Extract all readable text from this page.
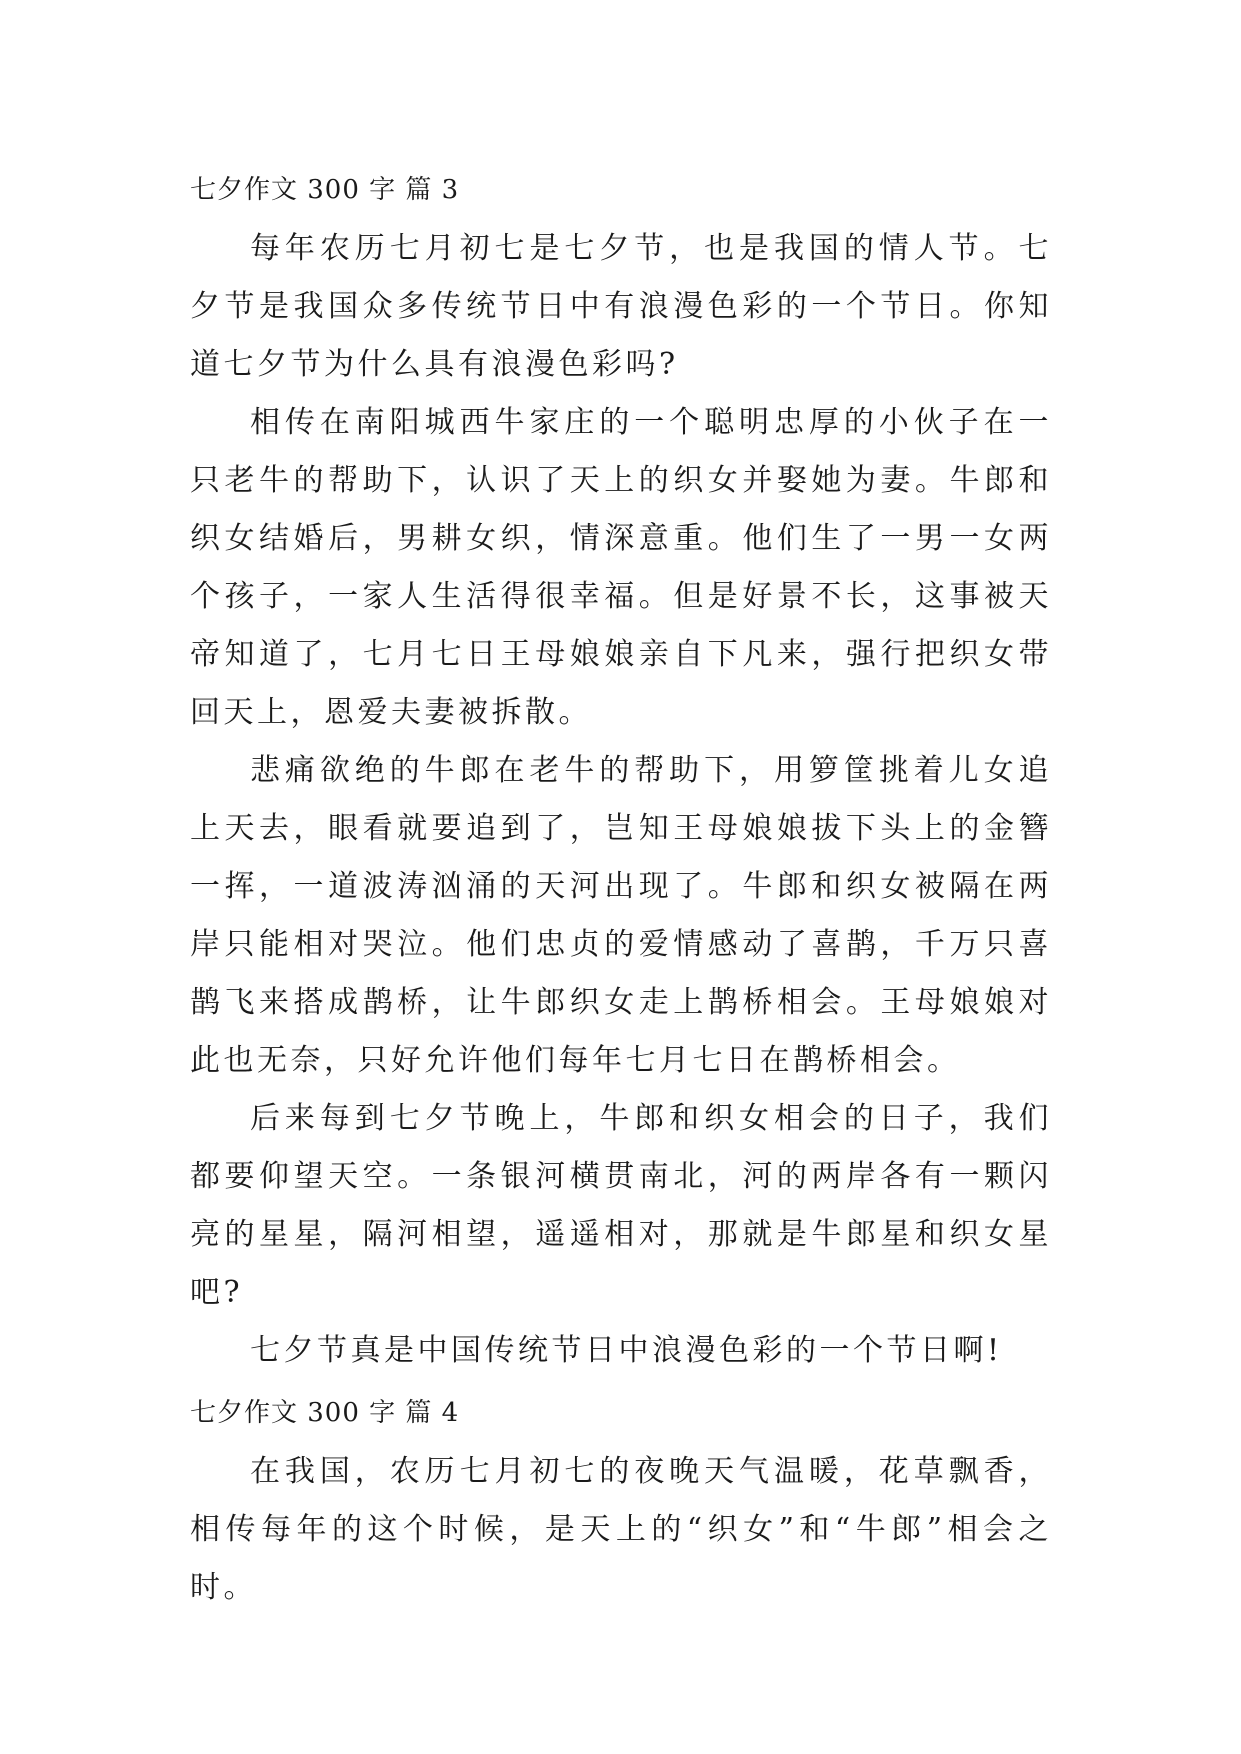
七夕作文 300 字 篇 3

每年农历七月初七是七夕节，也是我国的情人节。七夕节是我国众多传统节日中有浪漫色彩的一个节日。你知道七夕节为什么具有浪漫色彩吗?

相传在南阳城西牛家庄的一个聪明忠厚的小伙子在一只老牛的帮助下，认识了天上的织女并娶她为妻。牛郎和织女结婚后，男耕女织，情深意重。他们生了一男一女两个孩子，一家人生活得很幸福。但是好景不长，这事被天帝知道了，七月七日王母娘娘亲自下凡来，强行把织女带回天上，恩爱夫妻被拆散。

悲痛欲绝的牛郎在老牛的帮助下，用箩筐挑着儿女追上天去，眼看就要追到了，岂知王母娘娘拔下头上的金簪一挥，一道波涛汹涌的天河出现了。牛郎和织女被隔在两岸只能相对哭泣。他们忠贞的爱情感动了喜鹊，千万只喜鹊飞来搭成鹊桥，让牛郎织女走上鹊桥相会。王母娘娘对此也无奈，只好允许他们每年七月七日在鹊桥相会。

后来每到七夕节晚上，牛郎和织女相会的日子，我们都要仰望天空。一条银河横贯南北，河的两岸各有一颗闪亮的星星，隔河相望，遥遥相对，那就是牛郎星和织女星吧?

七夕节真是中国传统节日中浪漫色彩的一个节日啊!

七夕作文 300 字 篇 4

在我国，农历七月初七的夜晚天气温暖，花草飘香，相传每年的这个时候，是天上的“织女”和“牛郎”相会之时。
